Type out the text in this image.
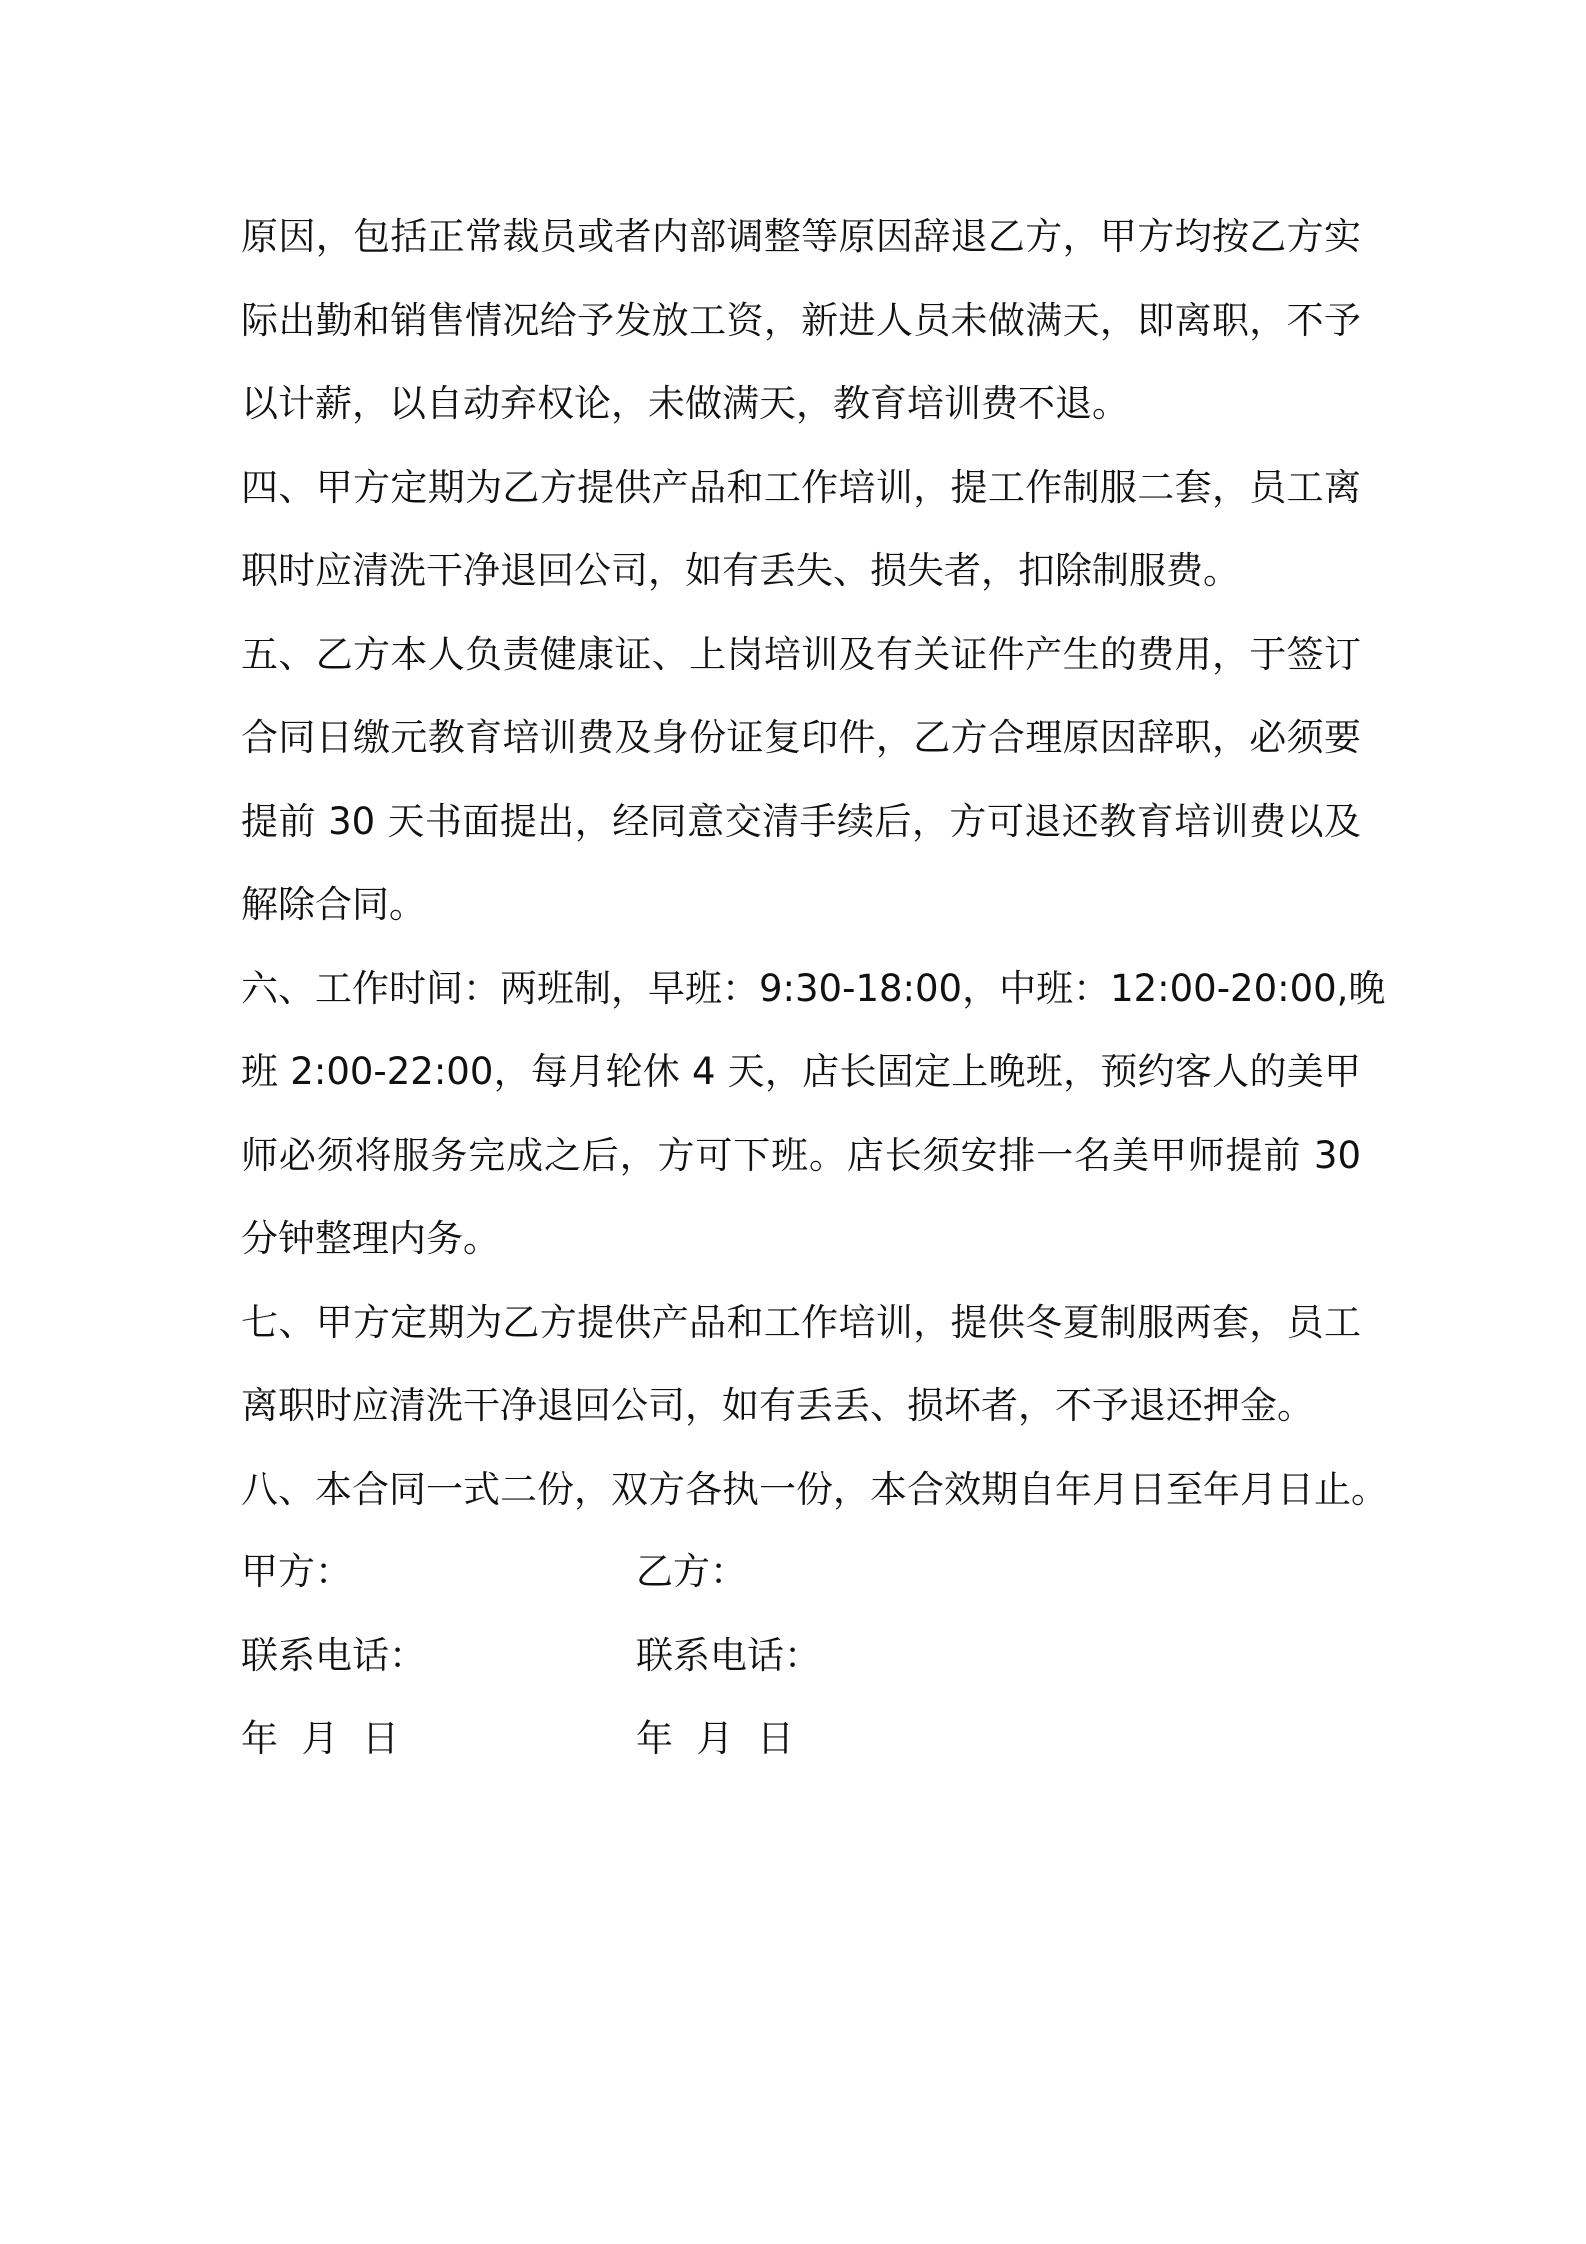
原因，包括正常裁员或者内部调整等原因辞退乙方，甲方均按乙方实
际出勤和销售情况给予发放工资，新进人员未做满天，即离职，不予
以计薪，以自动弃权论，未做满天，教育培训费不退。
四、甲方定期为乙方提供产品和工作培训，提工作制服二套，员工离
职时应清洗干净退回公司，如有丢失、损失者，扣除制服费。
五、乙方本人负责健康证、上岗培训及有关证件产生的费用，于签订
合同日缴元教育培训费及身份证复印件，乙方合理原因辞职，必须要
提前 30 天书面提出，经同意交清手续后，方可退还教育培训费以及
解除合同。
六、工作时间：两班制，早班：9:30-18:00，中班：12:00-20:00,晚
班 2:00-22:00，每月轮休 4 天，店长固定上晚班，预约客人的美甲
师必须将服务完成之后，方可下班。店长须安排一名美甲师提前 30
分钟整理内务。
七、甲方定期为乙方提供产品和工作培训，提供冬夏制服两套，员工
离职时应清洗干净退回公司，如有丢丢、损坏者，不予退还押金。
八、本合同一式二份，双方各执一份，本合效期自年月日至年月日止。
甲方：	乙方：
联系电话：	联系电话：
年  月  日	年  月  日
